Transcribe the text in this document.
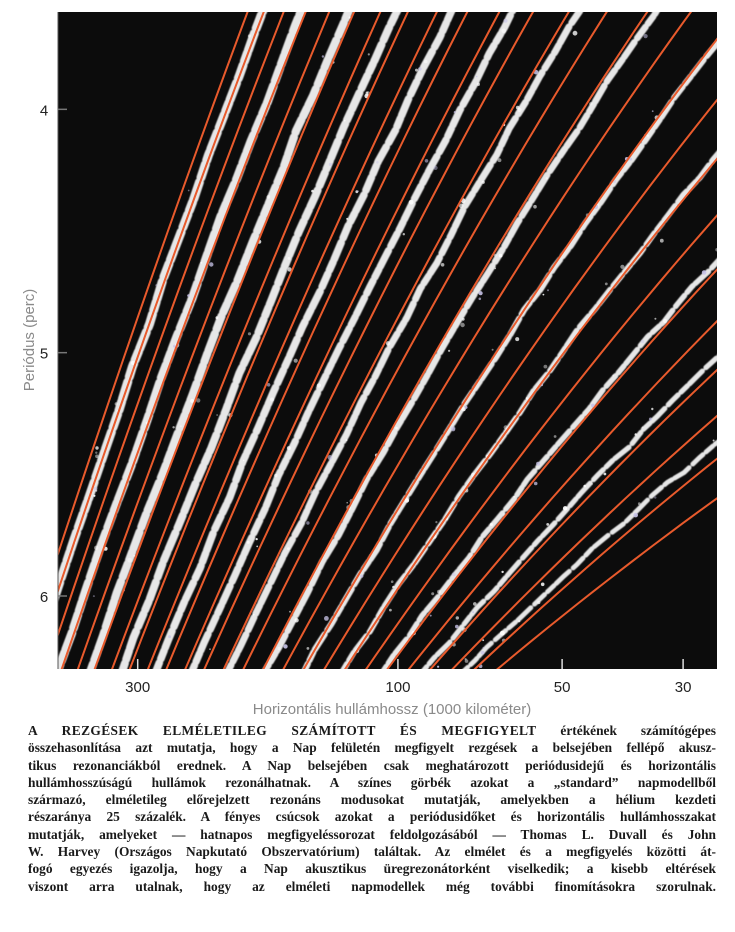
4
5
6
300	100	50	30
Periódus (perc)
Horizontális hullámhossz (1000 kilométer)
A REZGÉSEK ELMÉLETILEG SZÁMÍTOTT ÉS MEGFIGYELT értékének számítógépes
összehasonlítása azt mutatja, hogy a Nap felületén megfigyelt rezgések a belsejében fellépő akusz-
tikus rezonanciákból erednek. A Nap belsejében csak meghatározott periódusidejű és horizontális
hullámhosszúságú hullámok rezonálhatnak. A színes görbék azokat a „standard” napmodellből
származó, elméletileg előrejelzett rezonáns modusokat mutatják, amelyekben a hélium kezdeti
részaránya 25 százalék. A fényes csúcsok azokat a periódusidőket és horizontális hullámhosszakat
mutatják, amelyeket — hatnapos megfigyeléssorozat feldolgozásából — Thomas L. Duvall és John
W. Harvey (Országos Napkutató Obszervatórium) találtak. Az elmélet és a megfigyelés közötti át-
fogó egyezés igazolja, hogy a Nap akusztikus üregrezonátorként viselkedik; a kisebb eltérések
viszont arra utalnak, hogy az elméleti napmodellek még további finomításokra szorulnak.
